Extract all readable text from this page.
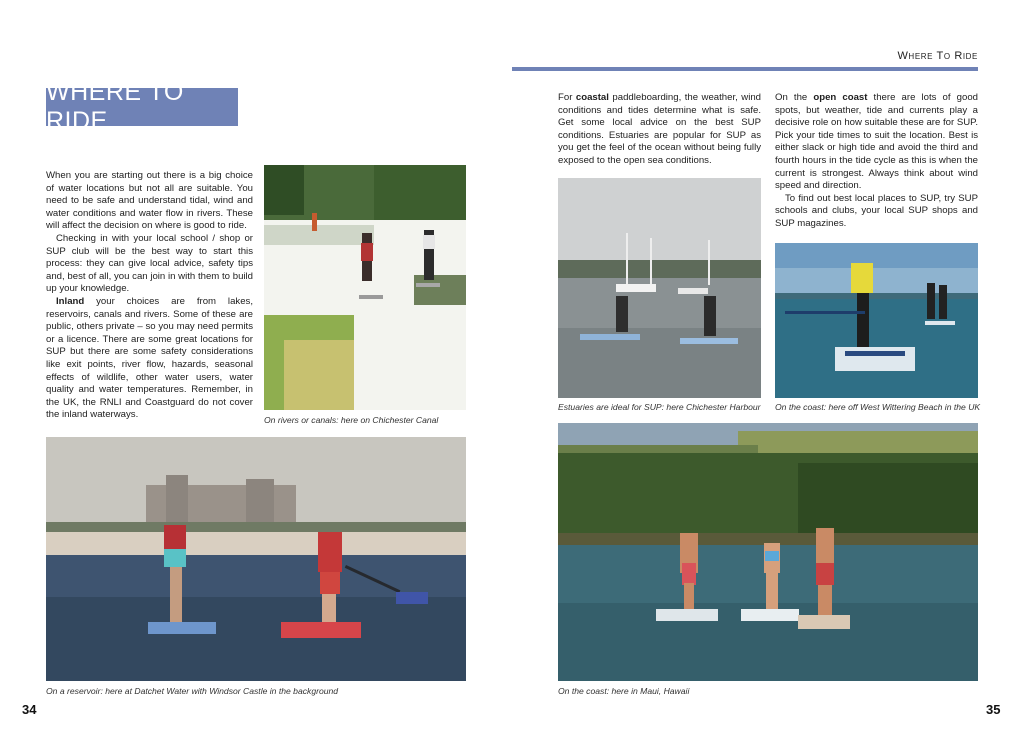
WHERE TO RIDE

When you are starting out there is a big choice of water locations but not all are suitable. You need to be safe and understand tidal, wind and water conditions and water flow in rivers. These will affect the decision on where is good to ride.

Checking in with your local school / shop or SUP club will be the best way to start this process: they can give local advice, safety tips and, best of all, you can join in with them to build up your knowledge.

Inland your choices are from lakes, reservoirs, canals and rivers. Some of these are public, others private – so you may need permits or a licence. There are some great locations for SUP but there are some safety considerations like exit points, river flow, hazards, seasonal effects of wildlife, other water users, water quality and water temperatures. Remember, in the UK, the RNLI and Coastguard do not cover the inland waterways.	On rivers or canals: here on Chichester Canal
On a reservoir: here at Datchet Water with Windsor Castle in the background
34
Where To Ride

For coastal paddleboarding, the weather, wind conditions and tides determine what is safe. Get some local advice on the best SUP conditions. Estuaries are popular for SUP as you get the feel of the ocean without being fully exposed to the open sea conditions.

On the open coast there are lots of good spots, but weather, tide and currents play a decisive role on how suitable these are for SUP. Pick your tide times to suit the location. Best is either slack or high tide and avoid the third and fourth hours in the tide cycle as this is when the current is strongest. Always think about wind speed and direction.

To find out best local places to SUP, try SUP schools and clubs, your local SUP shops and SUP magazines.

Estuaries are ideal for SUP: here Chichester Harbour On the coast: here off West Wittering Beach in the UK
On the coast: here in Maui, Hawaii
35
